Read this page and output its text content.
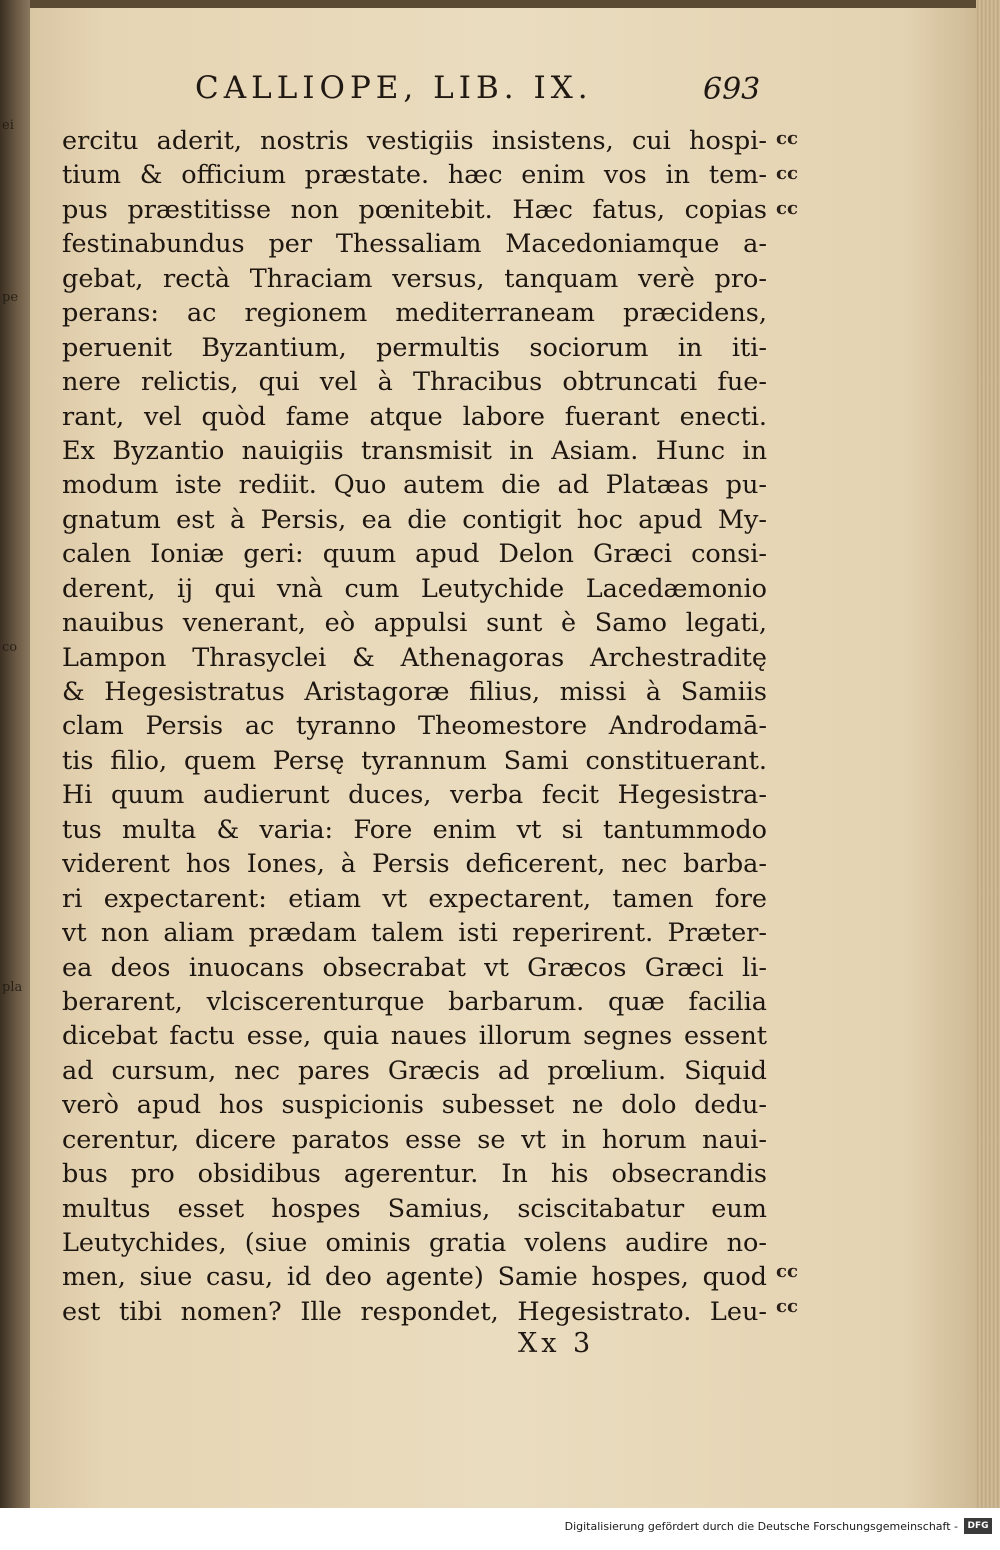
ei
pe
co
pla
CALLIOPE, LIB. IX.	693
ercitu aderit, nostris vestigiis insistens, cui hospi-
tium & officium præstate. hæc enim vos in tem-
pus præstitisse non pœnitebit. Hæc fatus, copias
festinabundus per Thessaliam Macedoniamque a-
gebat, rectà Thraciam versus, tanquam verè pro-
perans: ac regionem mediterraneam præcidens,
peruenit Byzantium, permultis sociorum in iti-
nere relictis, qui vel à Thracibus obtruncati fue-
rant, vel quòd fame atque labore fuerant enecti.
Ex Byzantio nauigiis transmisit in Asiam. Hunc in
modum iste rediit. Quo autem die ad Platæas pu-
gnatum est à Persis, ea die contigit hoc apud My-
calen Ioniæ geri: quum apud Delon Græci consi-
derent, ij qui vnà cum Leutychide Lacedæmonio
nauibus venerant, eò appulsi sunt è Samo legati,
Lampon Thrasyclei & Athenagoras Archestraditę
& Hegesistratus Aristagoræ filius, missi à Samiis
clam Persis ac tyranno Theomestore Androdamā-
tis filio, quem Persę tyrannum Sami constituerant.
Hi quum audierunt duces, verba fecit Hegesistra-
tus multa & varia: Fore enim vt si tantummodo
viderent hos Iones, à Persis deficerent, nec barba-
ri expectarent: etiam vt expectarent, tamen fore
vt non aliam prædam talem isti reperirent. Præter-
ea deos inuocans obsecrabat vt Græcos Græci li-
berarent, vlciscerenturque barbarum. quæ facilia
dicebat factu esse, quia naues illorum segnes essent
ad cursum, nec pares Græcis ad prœlium. Siquid
verò apud hos suspicionis subesset ne dolo dedu-
cerentur, dicere paratos esse se vt in horum naui-
bus pro obsidibus agerentur. In his obsecrandis
multus esset hospes Samius, sciscitabatur eum
Leutychides, (siue ominis gratia volens audire no-
men, siue casu, id deo agente) Samie hospes, quod
est tibi nomen? Ille respondet, Hegesistrato. Leu-
cc
cc
cc
cc
cc
Xx 3
Digitalisierung gefördert durch die Deutsche Forschungsgemeinschaft -	DFG
